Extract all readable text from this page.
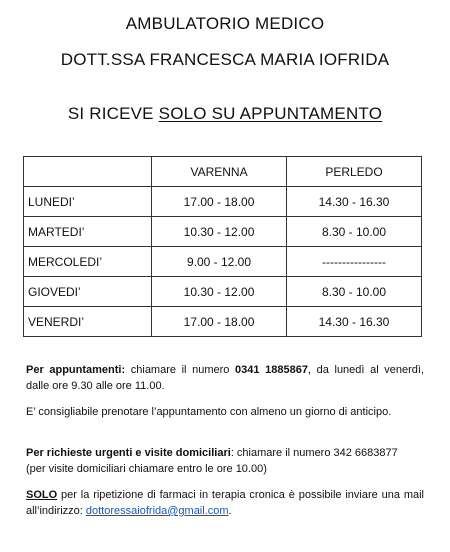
AMBULATORIO MEDICO
DOTT.SSA FRANCESCA MARIA IOFRIDA
SI RICEVE SOLO SU APPUNTAMENTO
	VARENNA	PERLEDO
LUNEDI’	17.00 - 18.00	14.30 - 16.30
MARTEDI’	10.30 - 12.00	8.30 - 10.00
MERCOLEDI’	9.00 - 12.00	----------------
GIOVEDI’	10.30 - 12.00	8.30 - 10.00
VENERDI’	17.00 - 18.00	14.30 - 16.30
Per appuntamenti: chiamare il numero 0341 1885867, da lunedì al venerdì, dalle ore 9.30 alle ore 11.00.
E’ consigliabile prenotare l’appuntamento con almeno un giorno di anticipo.
Per richieste urgenti e visite domiciliari: chiamare il numero 342 6683877
(per visite domiciliari chiamare entro le ore 10.00)
SOLO per la ripetizione di farmaci in terapia cronica è possibile inviare una mail all’indirizzo: dottoressaiofrida@gmail.com.
